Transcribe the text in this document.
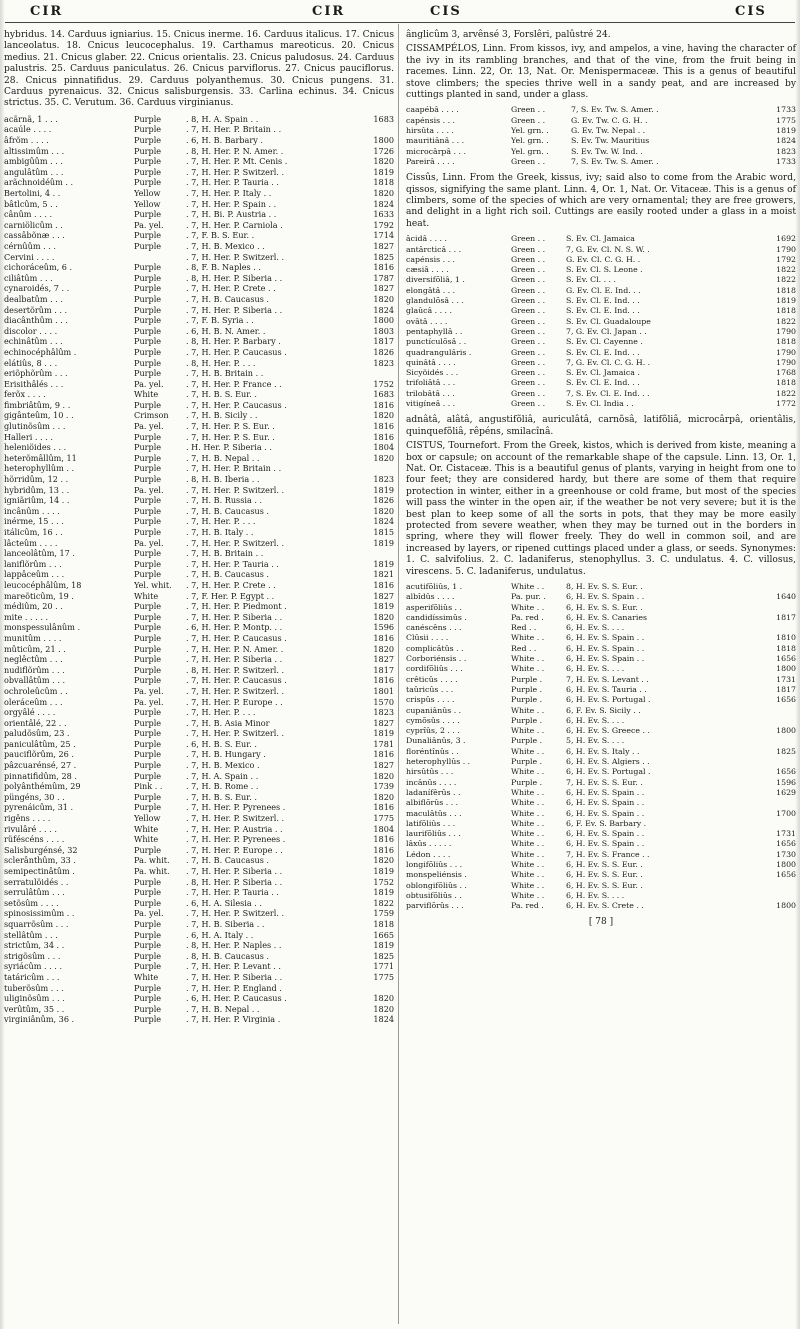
CIR	CIR	CIS	CIS

hybridus. 14. Carduus igniarius. 15. Cnicus inerme. 16. Carduus italicus. 17. Cnicus lanceolatus. 18. Cnicus leucocephalus. 19. Carthamus mareoticus. 20. Cnicus medius. 21. Cnicus glaber. 22. Cnicus orientalis. 23. Cnicus paludosus. 24. Carduus palustris. 25. Carduus paniculatus. 26. Cnicus parviflorus. 27. Cnicus pauciflorus. 28. Cnicus pinnatifidus. 29. Carduus polyanthemus. 30. Cnicus pungens. 31. Carduus pyrenaicus. 32. Cnicus salisburgensis. 33. Carlina echinus. 34. Cnicus strictus. 35. C. Verutum. 36. Carduus virginianus.

acãrnã, 1 . . .	Purple	. 8, H. A. Spain . .	1683
acaúle . . . .	Purple	. 7, H. Her. P. Britain . .
âfrõm . . . .	Purple	. 6, H. B. Barbary .	1800
altissimûm . . .	Purple	. 8, H. Her. P. N. Amer. .	1726
ambigûûm . . .	Purple	. 7, H. Her. P. Mt. Cenis .	1820
angulâtûm . . .	Purple	. 7, H. Her. P. Switzerl. .	1819
arãchnoidéûm . .	Purple	. 7, H. Her. P. Tauria . .	1818
Bertolini, 4 . .	Yellow	. 7, H. Her. P. Italy . .	1820
bâtlcûm, 5 . .	Yellow	. 7, H. Her. P. Spain . .	1824
cânûm . . . .	Purple	. 7, H. Bi. P. Austria . .	1633
carniölicûm . .	Pa. yel.	. 7, H. Her. P. Carniola .	1792
cassâbõnæ . . .	Purple	. 7, F. B. S. Eur. .	1714
cérnûûm . . .	Purple	. 7, H. B. Mexico . .	1827
Cervini . . . .	. 7, H. Her. P. Switzerl. .	1825
cichoráceûm, 6 .	Purple	. 8, F. B. Naples . .	1816
ciliâtûm . . .	Purple	. 8, H. Her. P. Siberia . .	1787
cynaroidés, 7 . .	Purple	. 7, H. Her. P. Crete . .	1827
dealbatûm . . .	Purple	. 7, H. B. Caucasus .	1820
desertõrûm . . .	Purple	. 7, H. Her. P. Siberia . .	1824
diacânthûm . . .	Purple	. 7, F. B. Syria . .	1800
discolor . . . .	Purple	. 6, H. B. N. Amer. .	1803
echinâtûm . . .	Purple	. 8, H. Her. P. Barbary .	1817
echinocéphâlûm .	Purple	. 7, H. Her. P. Caucasus .	1826
elátiûs, 8 . . .	Purple	. 8, H. Her. P. . . .	1823
eriõphõrûm . . .	Purple	. 7, H. B. Britain . .
Erisithâlés . . .	Pa. yel.	. 7, H. Her. P. France . .	1752
ferõx . . . .	White	. 7, H. B. S. Eur. .	1683
fimbriâtûm, 9 . .	Purple	. 7, H. Her. P. Caucasus .	1816
gigânteûm, 10 . .	Crimson	. 7, H. B. Sicily . .	1820
glutinõsûm . . .	Pa. yel.	. 7, H. Her. P. S. Eur. .	1816
Halleri . . . .	Purple	. 7, H. Her. P. S. Eur. .	1816
heleniöides . . .	Purple	. H. Her. P. Siberia . .	1804
heterõmâllûm, 11	Purple	. 7, H. B. Nepal . .	1820
heterophyllûm . .	Purple	. 7, H. Her. P. Britain . .
hörridûm, 12 . .	Purple	. 8, H. B. Iberia . .	1823
hybridûm, 13 . .	Pa. yel.	. 7, H. Her. P. Switzerl. .	1819
igniãriûm, 14 . .	Purple	. 7, H. B. Russia . .	1826
incânûm . . . .	Purple	. 7, H. B. Caucasus .	1820
inérme, 15 . . .	Purple	. 7, H. Her. P. . . .	1824
itálicûm, 16 . .	Purple	. 7, H. B. Italy . .	1815
lâcteûm . . . .	Pa. yel.	. 7, H. Her. P. Switzerl. .	1819
lanceolâtûm, 17 .	Purple	. 7, H. B. Britain . .
laniflõrûm . . .	Purple	. 7, H. Her. P. Tauria . .	1819
lappâceûm . . .	Purple	. 7, H. B. Caucasus .	1821
leucocéphâlûm, 18	Yel. whit.	. 7, H. Her. P. Crete . .	1816
mareõticûm, 19 .	White	. 7, F. Her. P. Egypt . .	1827
médiûm, 20 . .	Purple	. 7, H. Her. P. Piedmont .	1819
mite . . . . .	Purple	. 7, H. Her. P. Siberia . .	1820
monspessulânûm .	Purple	. 6, H. Her. P. Montp. . .	1596
munitûm . . . .	Purple	. 7, H. Her. P. Caucasus .	1816
mûticûm, 21 . .	Purple	. 7, H. Her. P. N. Amer. .	1820
neglêctûm . . .	Purple	. 7, H. Her. P. Siberia . .	1827
nudiflõrûm . . .	Purple	. 8, H. Her. P. Switzerl. .	1817
obvallâtûm . . .	Purple	. 7, H. Her. P. Caucasus .	1816
ochroleûcûm . .	Pa. yel.	. 7, H. Her. P. Switzerl. .	1801
oleráceûm . . .	Pa. yel.	. 7, H. Her. P. Europe . .	1570
orgyâlé . . . .	Purple	. 7, H. Her. P. . . .	1823
orientâlé, 22 . .	Purple	. 7, H. B. Asia Minor	1827
paludõsûm, 23 .	Purple	. 7, H. Her. P. Switzerl. .	1819
paniculâtûm, 25 .	Purple	. 6, H. B. S. Eur. .	1781
pauciflõrûm, 26 .	Purple	. 7, H. B. Hungary .	1816
pâzcuarénsé, 27 .	Purple	. 7, H. B. Mexico .	1827
pinnatifidûm, 28 .	Purple	. 7, H. A. Spain . .	1820
polyânthémûm, 29	Pink . .	. 7, H. B. Rome . .	1739
püngéns, 30 . .	Purple	. 7, H. B. S. Eur. .	1820
pyrenáicûm, 31 .	Purple	. 7, H. Her. P. Pyrenees .	1816
rigêns . . . .	Yellow	. 7, H. Her. P. Switzerl. .	1775
rivulâré . . . .	White	. 7, H. Her. P. Austria . .	1804
rüféscéns . . . .	White	. 7, H. Her. P. Pyrenees .	1816
Salisburgénsé, 32	Purple	. 7, H. Her. P. Europe . .	1816
sclerânthûm, 33 .	Pa. whit.	. 7, H. B. Caucasus .	1820
semipectinâtûm .	Pa. whit.	. 7, H. Her. P. Siberia . .	1819
serratulöidés . .	Purple	. 8, H. Her. P. Siberia . .	1752
serrulâtûm . . .	Purple	. 7, H. Her. P. Tauria . .	1819
setõsûm . . . .	Purple	. 6, H. A. Silesia . .	1822
spinosissimûm . .	Pa. yel.	. 7, H. Her. P. Switzerl. .	1759
squarrõsûm . . .	Purple	. 7, H. B. Siberia . .	1818
stellâtûm . . .	Purple	. 6, H. A. Italy . .	1665
strictûm, 34 . .	Purple	. 8, H. Her. P. Naples . .	1819
strigõsûm . . .	Purple	. 8, H. B. Caucasus .	1825
syriácûm . . . .	Purple	. 7, H. Her. P. Levant . .	1771
tatáricûm . . .	White	. 7, H. Her. P. Siberia . .	1775
tuberõsûm . . .	Purple	. 7, H. Her. P. England .
uliginõsûm . . .	Purple	. 6, H. Her. P. Caucasus .	1820
verûtûm, 35 . .	Purple	. 7, H. B. Nepal . .	1820
virginiânûm, 36 .	Purple	. 7, H. Her. P. Virginia .	1824

ânglicûm 3, arvênsé 3, Forslêri, palûstré 24.

CISSAMPÉLOS, Linn. From kissos, ivy, and ampelos, a vine, having the character of the ivy in its rambling branches, and that of the vine, from the fruit being in racemes. Linn. 22, Or. 13, Nat. Or. Menispermaceæ. This is a genus of beautiful stove climbers; the species thrive well in a sandy peat, and are increased by cuttings planted in sand, under a glass.

caapébâ . . . .	Green . .	7, S. Ev. Tw. S. Amer. .	1733
capénsis . . .	Green . .	G. Ev. Tw. C. G. H. .	1775
hirsûta . . . .	Yel. grn. .	G. Ev. Tw. Nepal . .	1819
mauritiânâ . . .	Yel. grn. .	S. Ev. Tw. Mauritius	1824
microcârpâ . . .	Yel. grn. .	S. Ev. Tw. W. Ind. .	1823
Pareirâ . . . .	Green . .	7, S. Ev. Tw. S. Amer. .	1733

Cissûs, Linn. From the Greek, kissus, ivy; said also to come from the Arabic word, qissos, signifying the same plant. Linn. 4, Or. 1, Nat. Or. Vitaceæ. This is a genus of climbers, some of the species of which are very ornamental; they are free growers, and delight in a light rich soil. Cuttings are easily rooted under a glass in a moist heat.

âcidâ . . . .	Green . .	S. Ev. Cl. Jamaica	1692
antârcticâ . . .	Green . .	7, G. Ev. Cl. N. S. W. .	1790
capénsis . . .	Green . .	G. Ev. Cl. C. G. H. .	1792
cæsiâ . . . .	Green . .	S. Ev. Cl. S. Leone .	1822
diversifõliâ, 1 .	Green . .	S. Ev. Cl. . . .	1822
elongâtâ . . .	Green . .	G. Ev. Cl. E. Ind. . .	1818
glandulõsâ . . .	Green . .	S. Ev. Cl. E. Ind. . .	1819
glaûcâ . . . .	Green . .	S. Ev. Cl. E. Ind. . .	1818
ovâtâ . . . .	Green . .	S. Ev. Cl. Guadaloupe	1822
pentaphyllâ . .	Green . .	7, G. Ev. Cl. Japan . .	1790
punctículõsâ . .	Green . .	S. Ev. Cl. Cayenne .	1818
quadrangulâris .	Green . .	S. Ev. Cl. E. Ind. . .	1790
quinâtâ . . . .	Green . .	7, G. Ev. Cl. C. G. H. .	1790
Sicyöidés . . .	Green . .	S. Ev. Cl. Jamaica .	1768
trifoliâtâ . . .	Green . .	S. Ev. Cl. E. Ind. . .	1818
trilobâtâ . . .	Green . .	7, S. Ev. Cl. E. Ind. . .	1822
vitigíneâ . . .	Green . .	S. Ev. Cl. India . .	1772

adnâtâ, alâtâ, angustifõliâ, auriculâtâ, carnõsâ, latifõliâ, microcârpâ, orientâlis, quinquefõliâ, rêpéns, smilacînâ.

CISTUS, Tournefort. From the Greek, kistos, which is derived from kiste, meaning a box or capsule; on account of the remarkable shape of the capsule. Linn. 13, Or. 1, Nat. Or. Cistaceæ. This is a beautiful genus of plants, varying in height from one to four feet; they are considered hardy, but there are some of them that require protection in winter, either in a greenhouse or cold frame, but most of the species will pass the winter in the open air, if the weather be not very severe; but it is the best plan to keep some of all the sorts in pots, that they may be more easily protected from severe weather, when they may be turned out in the borders in spring, where they will flower freely. They do well in common soil, and are increased by layers, or ripened cuttings placed under a glass, or seeds. Synonymes: 1. C. salvifolius. 2. C. ladaniferus, stenophyllus. 3. C. undulatus. 4. C. villosus, virescens. 5. C. ladaniferus, undulatus.

acutifõliûs, 1 .	White . .	8, H. Ev. S. S. Eur. .
albîdûs . . . .	Pa. pur. .	6, H. Ev. S. Spain . .	1640
asperifõliûs . .	White . .	6, H. Ev. S. S. Eur. .
candidíssimûs .	Pa. red .	6, H. Ev. S. Canaries	1817
canéscêns . . .	Red . .	6, H. Ev. S. . . .
Clûsii . . . .	White . .	6, H. Ev. S. Spain . .	1810
complicâtûs . .	Red . .	6, H. Ev. S. Spain . .	1818
Corboriénsis . .	White . .	6, H. Ev. S. Spain . .	1656
cordifõliûs . . .	White . .	6, H. Ev. S. . . .	1800
crêticûs . . . .	Purple .	7, H. Ev. S. Levant . .	1731
taûricûs . . .	Purple .	6, H. Ev. S. Tauria . .	1817
crispûs . . . .	Purple .	6, H. Ev. S. Portugal .	1656
cupaniânûs . .	White . .	6, F. Ev. S. Sicily . .
cymõsûs . . . .	Purple .	6, H. Ev. S. . . .
cyprîûs, 2 . . .	White . .	6, H. Ev. S. Greece . .	1800
Dunaliânûs, 3 .	Purple .	5, H. Ev. S. . . .
floréntînûs . .	White . .	6, H. Ev. S. Italy . .	1825
heterophyllûs . .	Purple .	6, H. Ev. S. Algiers . .
hirsûtûs . . .	White . .	6, H. Ev. S. Portugal .	1656
incânûs . . . .	Purple .	7, H. Ev. S. S. Eur. .	1596
ladanífêrûs . .	White . .	6, H. Ev. S. Spain . .	1629
albiflõrûs . . .	White . .	6, H. Ev. S. Spain . .
maculâtûs . . .	White . .	6, H. Ev. S. Spain . .	1700
latifõliûs . . .	White . .	6, F. Ev. S. Barbary .
laurifõliûs . . .	White . .	6, H. Ev. S. Spain . .	1731
lâxûs . . . . .	White . .	6, H. Ev. S. Spain . .	1656
Lédon . . . .	White . .	7, H. Ev. S. France . .	1730
longifõliûs . . .	White . .	6, H. Ev. S. S. Eur. .	1800
monspeliénsis .	White . .	6, H. Ev. S. S. Eur. .	1656
oblongifõliûs . .	White . .	6, H. Ev. S. S. Eur. .
obtusifõliûs . .	White . .	6, H. Ev. S. . . .
parviflõrûs . . .	Pa. red .	6, H. Ev. S. Crete . .	1800
[ 78 ]
